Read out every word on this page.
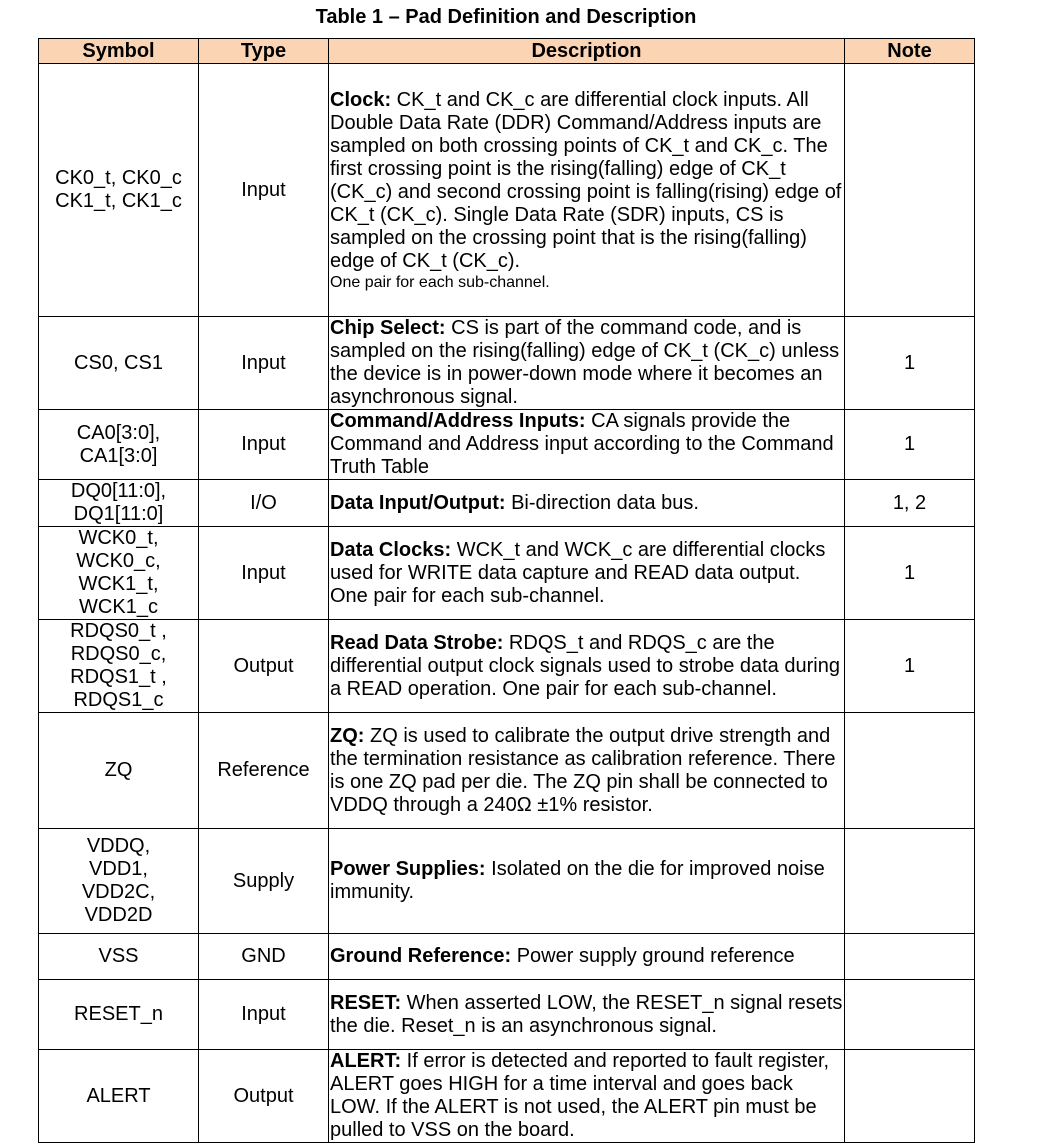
Table 1 – Pad Definition and Description
Symbol	Type	Description	Note

CK0_t, CK0_c
CK1_t, CK1_c	Input	Clock: CK_t and CK_c are differential clock inputs. All Double Data Rate (DDR) Command/Address inputs are sampled on both crossing points of CK_t and CK_c. The first crossing point is the rising(falling) edge of CK_t (CK_c) and second crossing point is falling(rising) edge of CK_t (CK_c). Single Data Rate (SDR) inputs, CS is sampled on the crossing point that is the rising(falling) edge of CK_t (CK_c).
One pair for each sub-channel.	

CS0, CS1	Input	Chip Select: CS is part of the command code, and is sampled on the rising(falling) edge of CK_t (CK_c) unless the device is in power-down mode where it becomes an asynchronous signal.	1

CA0[3:0],
CA1[3:0]	Input	Command/Address Inputs: CA signals provide the Command and Address input according to the Command Truth Table	1

DQ0[11:0],
DQ1[11:0]	I/O	Data Input/Output: Bi-direction data bus.	1, 2

WCK0_t,
WCK0_c,
WCK1_t,
WCK1_c	Input	Data Clocks: WCK_t and WCK_c are differential clocks used for WRITE data capture and READ data output. One pair for each sub-channel.	1

RDQS0_t ,
RDQS0_c,
RDQS1_t ,
RDQS1_c	Output	Read Data Strobe: RDQS_t and RDQS_c are the differential output clock signals used to strobe data during a READ operation. One pair for each sub-channel.	1

ZQ	Reference	ZQ: ZQ is used to calibrate the output drive strength and the termination resistance as calibration reference. There is one ZQ pad per die. The ZQ pin shall be connected to VDDQ through a 240Ω ±1% resistor.	

VDDQ,
VDD1,
VDD2C,
VDD2D	Supply	Power Supplies: Isolated on the die for improved noise immunity.	

VSS	GND	Ground Reference: Power supply ground reference	

RESET_n	Input	RESET: When asserted LOW, the RESET_n signal resets the die. Reset_n is an asynchronous signal.	

ALERT	Output	ALERT: If error is detected and reported to fault register, ALERT goes HIGH for a time interval and goes back LOW. If the ALERT is not used, the ALERT pin must be pulled to VSS on the board.	
